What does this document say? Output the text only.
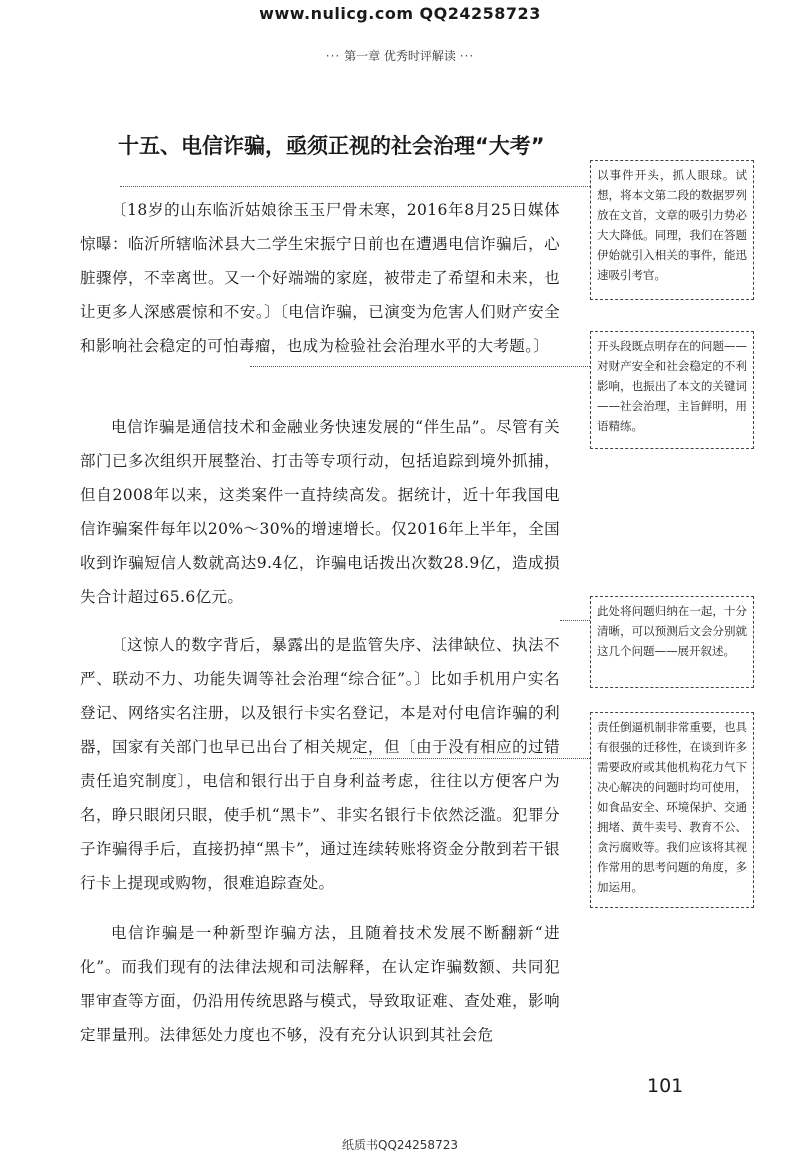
www.nulicg.com QQ24258723
··· 第一章 优秀时评解读 ···
十五、电信诈骗，亟须正视的社会治理“大考”

〔18岁的山东临沂姑娘徐玉玉尸骨未寒，2016年8月25日媒体惊曝：临沂所辖临沭县大二学生宋振宁日前也在遭遇电信诈骗后，心脏骤停，不幸离世。又一个好端端的家庭，被带走了希望和未来，也让更多人深感震惊和不安。〕〔电信诈骗，已演变为危害人们财产安全和影响社会稳定的可怕毒瘤，也成为检验社会治理水平的大考题。〕

电信诈骗是通信技术和金融业务快速发展的“伴生品”。尽管有关部门已多次组织开展整治、打击等专项行动，包括追踪到境外抓捕，但自2008年以来，这类案件一直持续高发。据统计，近十年我国电信诈骗案件每年以20%～30%的增速增长。仅2016年上半年，全国收到诈骗短信人数就高达9.4亿，诈骗电话拨出次数28.9亿，造成损失合计超过65.6亿元。

〔这惊人的数字背后，暴露出的是监管失序、法律缺位、执法不严、联动不力、功能失调等社会治理“综合征”。〕比如手机用户实名登记、网络实名注册，以及银行卡实名登记，本是对付电信诈骗的利器，国家有关部门也早已出台了相关规定，但〔由于没有相应的过错责任追究制度〕，电信和银行出于自身利益考虑，往往以方便客户为名，睁只眼闭只眼，使手机“黑卡”、非实名银行卡依然泛滥。犯罪分子诈骗得手后，直接扔掉“黑卡”，通过连续转账将资金分散到若干银行卡上提现或购物，很难追踪查处。

电信诈骗是一种新型诈骗方法，且随着技术发展不断翻新“进化”。而我们现有的法律法规和司法解释，在认定诈骗数额、共同犯罪审查等方面，仍沿用传统思路与模式，导致取证难、查处难，影响定罪量刑。法律惩处力度也不够，没有充分认识到其社会危

以事件开头，抓人眼球。试想，将本文第二段的数据罗列放在文首，文章的吸引力势必大大降低。同理，我们在答题伊始就引入相关的事件，能迅速吸引考官。
开头段既点明存在的问题——对财产安全和社会稳定的不利影响，也振出了本文的关键词——社会治理，主旨鲜明，用语精练。
此处将问题归纳在一起，十分清晰，可以预测后文会分别就这几个问题——展开叙述。
责任倒逼机制非常重要，也具有很强的迁移性，在谈到许多需要政府或其他机构花力气下决心解决的问题时均可使用，如食品安全、环境保护、交通拥堵、黄牛卖号、教育不公、贪污腐败等。我们应该将其视作常用的思考问题的角度，多加运用。
101
纸质书QQ24258723
